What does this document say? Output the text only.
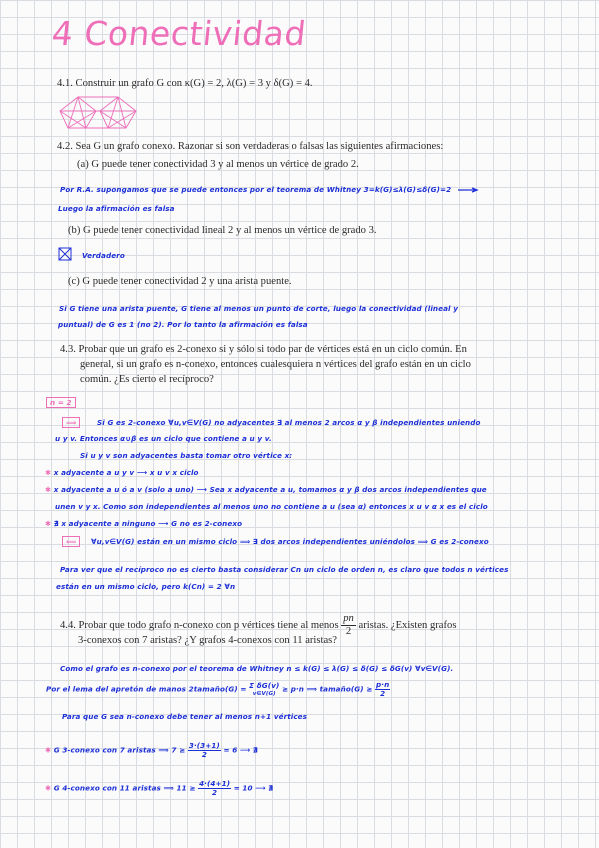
4 Conectividad
4.1. Construir un grafo G con κ(G) = 2, λ(G) = 3 y δ(G) = 4.
4.2. Sea G un grafo conexo. Razonar si son verdaderas o falsas las siguientes afirmaciones:
(a) G puede tener conectividad 3 y al menos un vértice de grado 2.
Por R.A. supongamos que se puede entonces por el teorema de Whitney 3=k(G)≤λ(G)≤δ(G)=2
Luego la afirmación es falsa
(b) G puede tener conectividad lineal 2 y al menos un vértice de grado 3.
Verdadero
(c) G puede tener conectividad 2 y una arista puente.
Si G tiene una arista puente, G tiene al menos un punto de corte, luego la conectividad (lineal y
puntual) de G es 1 (no 2). Por lo tanto la afirmación es falsa
4.3. Probar que un grafo es 2-conexo si y sólo si todo par de vértices está en un ciclo común. En
general, si un grafo es n-conexo, entonces cualesquiera n vértices del grafo están en un ciclo
común. ¿Es cierto el recíproco?
n = 2
⟹	Si G es 2-conexo ∀u,v∈V(G) no adyacentes ∃ al menos 2 arcos α y β independientes uniendo
u y v. Entonces α∪β es un ciclo que contiene a u y v.
Si u y v son adyacentes basta tomar otro vértice x:
✱ x adyacente a u y v ⟶ x u v x ciclo
✱ x adyacente a u ó a v (solo a uno) ⟶ Sea x adyacente a u, tomamos α y β dos arcos independientes que
unen v y x. Como son independientes al menos uno no contiene a u (sea α) entonces x u v α x es el ciclo
✱ ∄ x adyacente a ninguno ⟶ G no es 2-conexo
⟸ ∀u,v∈V(G) están en un mismo ciclo ⟹ ∃ dos arcos independientes uniéndolos ⟹ G es 2-conexo
Para ver que el recíproco no es cierto basta considerar Cn un ciclo de orden n, es claro que todos n vértices
están en un mismo ciclo, pero k(Cn) = 2 ∀n
4.4. Probar que todo grafo n-conexo con p vértices tiene al menos $\frac{pn}{2}$ aristas. ¿Existen grafos
3-conexos con 7 aristas? ¿Y grafos 4-conexos con 11 aristas?
Como el grafo es n-conexo por el teorema de Whitney n ≤ k(G) ≤ λ(G) ≤ δ(G) ≤ δG(v) ∀v∈V(G).
Por el lema del apretón de manos 2tamaño(G) = Σ δG(v)
v∈V(G) ≥ p·n ⟹ tamaño(G) ≥ $\frac{p\cdot n}{2}$
Para que G sea n-conexo debe tener al menos n+1 vértices
✱ G 3-conexo con 7 aristas ⟹ $7 \ge \frac{3\cdot(3+1)}{2} = 6$ ⟶ ∄
✱ G 4-conexo con 11 aristas ⟹ $11 \ge \frac{4\cdot(4+1)}{2} = 10$ ⟶ ∄
